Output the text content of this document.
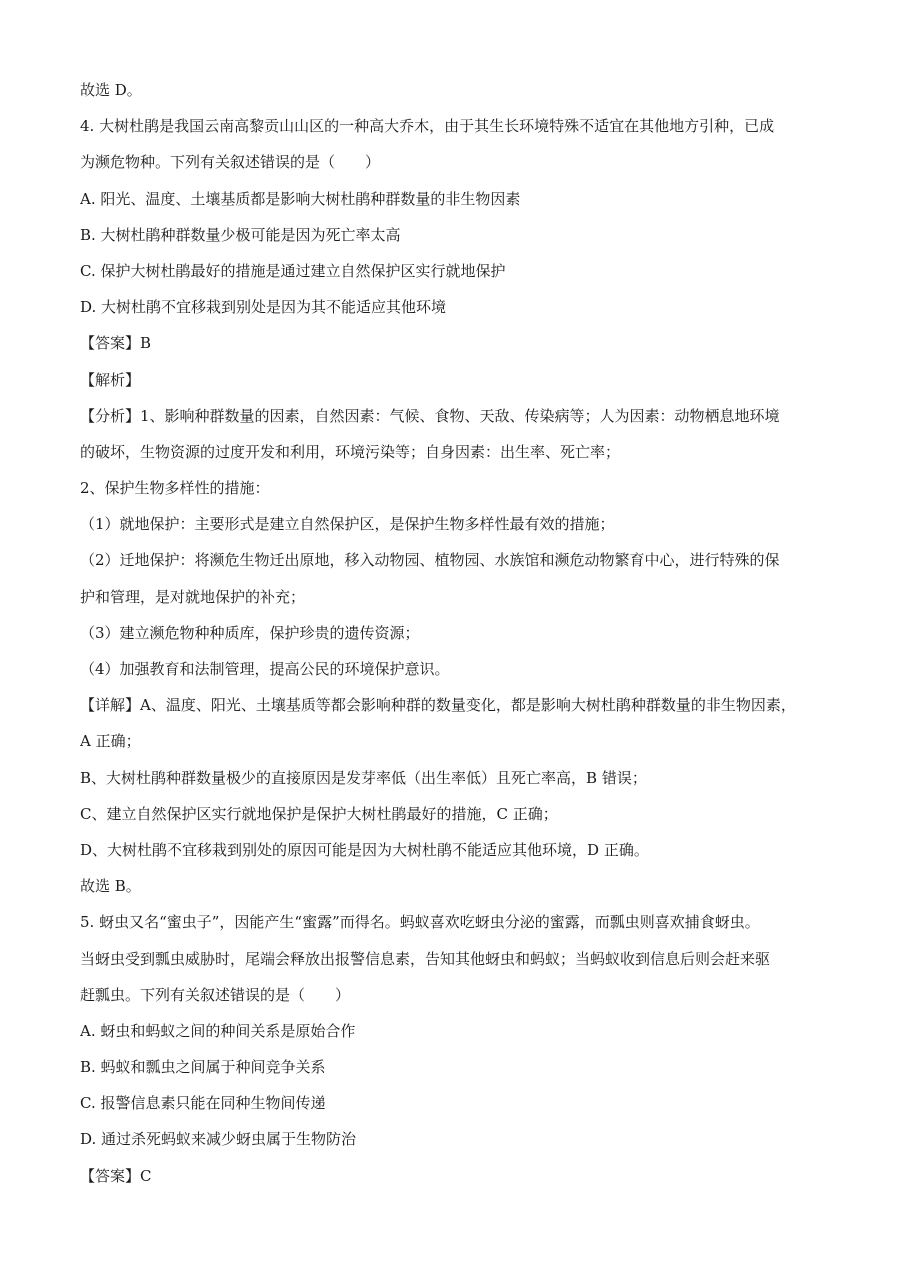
故选 D。
4. 大树杜鹃是我国云南高黎贡山山区的一种高大乔木，由于其生长环境特殊不适宜在其他地方引种，已成
为濒危物种。下列有关叙述错误的是（　　）
A. 阳光、温度、土壤基质都是影响大树杜鹃种群数量的非生物因素
B. 大树杜鹃种群数量少极可能是因为死亡率太高
C. 保护大树杜鹃最好的措施是通过建立自然保护区实行就地保护
D. 大树杜鹃不宜移栽到别处是因为其不能适应其他环境
【答案】B
【解析】
【分析】1、影响种群数量的因素，自然因素：气候、食物、天敌、传染病等；人为因素：动物栖息地环境
的破坏，生物资源的过度开发和利用，环境污染等；自身因素：出生率、死亡率；
2、保护生物多样性的措施：
（1）就地保护：主要形式是建立自然保护区，是保护生物多样性最有效的措施；
（2）迁地保护：将濒危生物迁出原地，移入动物园、植物园、水族馆和濒危动物繁育中心，进行特殊的保
护和管理，是对就地保护的补充；
（3）建立濒危物种种质库，保护珍贵的遗传资源；
（4）加强教育和法制管理，提高公民的环境保护意识。
【详解】A、温度、阳光、土壤基质等都会影响种群的数量变化，都是影响大树杜鹃种群数量的非生物因素，
A 正确；
B、大树杜鹃种群数量极少的直接原因是发芽率低（出生率低）且死亡率高，B 错误；
C、建立自然保护区实行就地保护是保护大树杜鹃最好的措施，C 正确；
D、大树杜鹃不宜移栽到别处的原因可能是因为大树杜鹃不能适应其他环境，D 正确。
故选 B。
5. 蚜虫又名“蜜虫子”，因能产生“蜜露”而得名。蚂蚁喜欢吃蚜虫分泌的蜜露，而瓢虫则喜欢捕食蚜虫。
当蚜虫受到瓢虫威胁时，尾端会释放出报警信息素，告知其他蚜虫和蚂蚁；当蚂蚁收到信息后则会赶来驱
赶瓢虫。下列有关叙述错误的是（　　）
A. 蚜虫和蚂蚁之间的种间关系是原始合作
B. 蚂蚁和瓢虫之间属于种间竞争关系
C. 报警信息素只能在同种生物间传递
D. 通过杀死蚂蚁来减少蚜虫属于生物防治
【答案】C
